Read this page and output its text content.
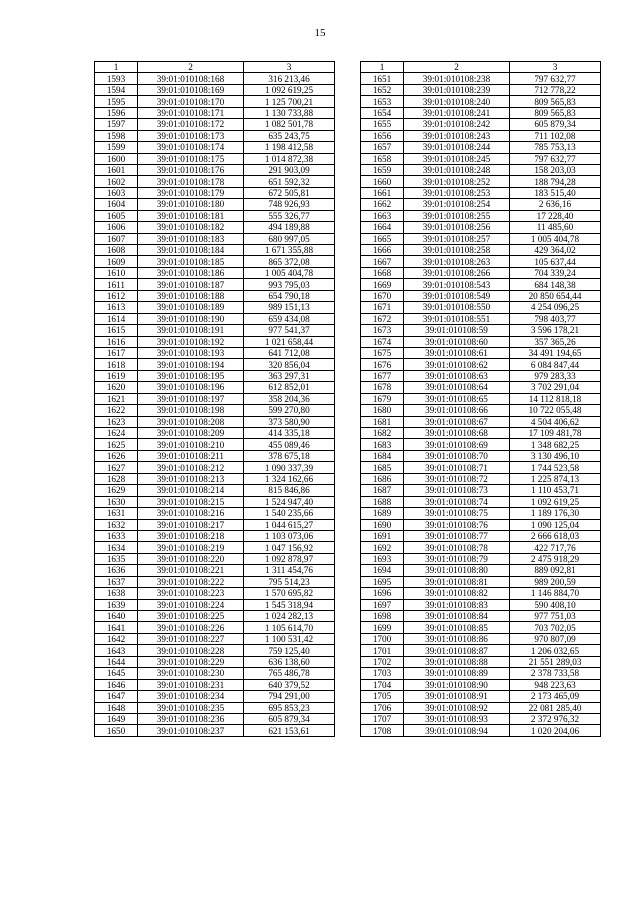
15
1	2	3
1593	39:01:010108:168	316 213,46
1594	39:01:010108:169	1 092 619,25
1595	39:01:010108:170	1 125 700,21
1596	39:01:010108:171	1 130 733,88
1597	39:01:010108:172	1 082 501,78
1598	39:01:010108:173	635 243,75
1599	39:01:010108:174	1 198 412,58
1600	39:01:010108:175	1 014 872,38
1601	39:01:010108:176	291 903,09
1602	39:01:010108:178	651 592,32
1603	39:01:010108:179	672 505,81
1604	39:01:010108:180	748 926,93
1605	39:01:010108:181	555 326,77
1606	39:01:010108:182	494 189,88
1607	39:01:010108:183	680 997,05
1608	39:01:010108:184	1 671 355,88
1609	39:01:010108:185	865 372,08
1610	39:01:010108:186	1 005 404,78
1611	39:01:010108:187	993 795,03
1612	39:01:010108:188	654 790,18
1613	39:01:010108:189	989 151,13
1614	39:01:010108:190	659 434,08
1615	39:01:010108:191	977 541,37
1616	39:01:010108:192	1 021 658,44
1617	39:01:010108:193	641 712,08
1618	39:01:010108:194	320 856,04
1619	39:01:010108:195	363 297,31
1620	39:01:010108:196	612 852,01
1621	39:01:010108:197	358 204,36
1622	39:01:010108:198	599 270,80
1623	39:01:010108:208	373 580,90
1624	39:01:010108:209	414 335,18
1625	39:01:010108:210	455 089,46
1626	39:01:010108:211	378 675,18
1627	39:01:010108:212	1 090 337,39
1628	39:01:010108:213	1 324 162,66
1629	39:01:010108:214	815 846,86
1630	39:01:010108:215	1 524 947,40
1631	39:01:010108:216	1 540 235,66
1632	39:01:010108:217	1 044 615,27
1633	39:01:010108:218	1 103 073,06
1634	39:01:010108:219	1 047 156,92
1635	39:01:010108:220	1 092 878,97
1636	39:01:010108:221	1 311 454,76
1637	39:01:010108:222	795 514,23
1638	39:01:010108:223	1 570 695,82
1639	39:01:010108:224	1 545 318,94
1640	39:01:010108:225	1 024 282,13
1641	39:01:010108:226	1 105 614,70
1642	39:01:010108:227	1 100 531,42
1643	39:01:010108:228	759 125,40
1644	39:01:010108:229	636 138,60
1645	39:01:010108:230	765 486,78
1646	39:01:010108:231	640 379,52
1647	39:01:010108:234	794 291,00
1648	39:01:010108:235	695 853,23
1649	39:01:010108:236	605 879,34
1650	39:01:010108:237	621 153,61
1	2	3
1651	39:01:010108:238	797 632,77
1652	39:01:010108:239	712 778,22
1653	39:01:010108:240	809 565,83
1654	39:01:010108:241	809 565,83
1655	39:01:010108:242	605 879,34
1656	39:01:010108:243	711 102,08
1657	39:01:010108:244	785 753,13
1658	39:01:010108:245	797 632,77
1659	39:01:010108:248	158 203,03
1660	39:01:010108:252	188 794,28
1661	39:01:010108:253	183 515,40
1662	39:01:010108:254	2 636,16
1663	39:01:010108:255	17 228,40
1664	39:01:010108:256	11 485,60
1665	39:01:010108:257	1 005 404,78
1666	39:01:010108:258	429 364,02
1667	39:01:010108:263	105 637,44
1668	39:01:010108:266	704 339,24
1669	39:01:010108:543	684 148,38
1670	39:01:010108:549	20 850 654,44
1671	39:01:010108:550	4 254 096,25
1672	39:01:010108:551	798 403,77
1673	39:01:010108:59	3 596 178,21
1674	39:01:010108:60	357 365,26
1675	39:01:010108:61	34 491 194,65
1676	39:01:010108:62	6 084 847,44
1677	39:01:010108:63	979 283,33
1678	39:01:010108:64	3 702 291,04
1679	39:01:010108:65	14 112 818,18
1680	39:01:010108:66	10 722 055,48
1681	39:01:010108:67	4 504 406,62
1682	39:01:010108:68	17 109 481,78
1683	39:01:010108:69	1 348 682,25
1684	39:01:010108:70	3 130 496,10
1685	39:01:010108:71	1 744 523,58
1686	39:01:010108:72	1 225 874,13
1687	39:01:010108:73	1 110 453,71
1688	39:01:010108:74	1 092 619,25
1689	39:01:010108:75	1 189 176,30
1690	39:01:010108:76	1 090 125,04
1691	39:01:010108:77	2 666 618,03
1692	39:01:010108:78	422 717,76
1693	39:01:010108:79	2 475 918,29
1694	39:01:010108:80	889 092,81
1695	39:01:010108:81	989 200,59
1696	39:01:010108:82	1 146 884,70
1697	39:01:010108:83	590 408,10
1698	39:01:010108:84	977 751,03
1699	39:01:010108:85	703 702,05
1700	39:01:010108:86	970 807,09
1701	39:01:010108:87	1 206 032,65
1702	39:01:010108:88	21 551 289,03
1703	39:01:010108:89	2 378 733,58
1704	39:01:010108:90	948 223,63
1705	39:01:010108:91	2 173 465,09
1706	39:01:010108:92	22 081 285,40
1707	39:01:010108:93	2 372 976,32
1708	39:01:010108:94	1 020 204,06
